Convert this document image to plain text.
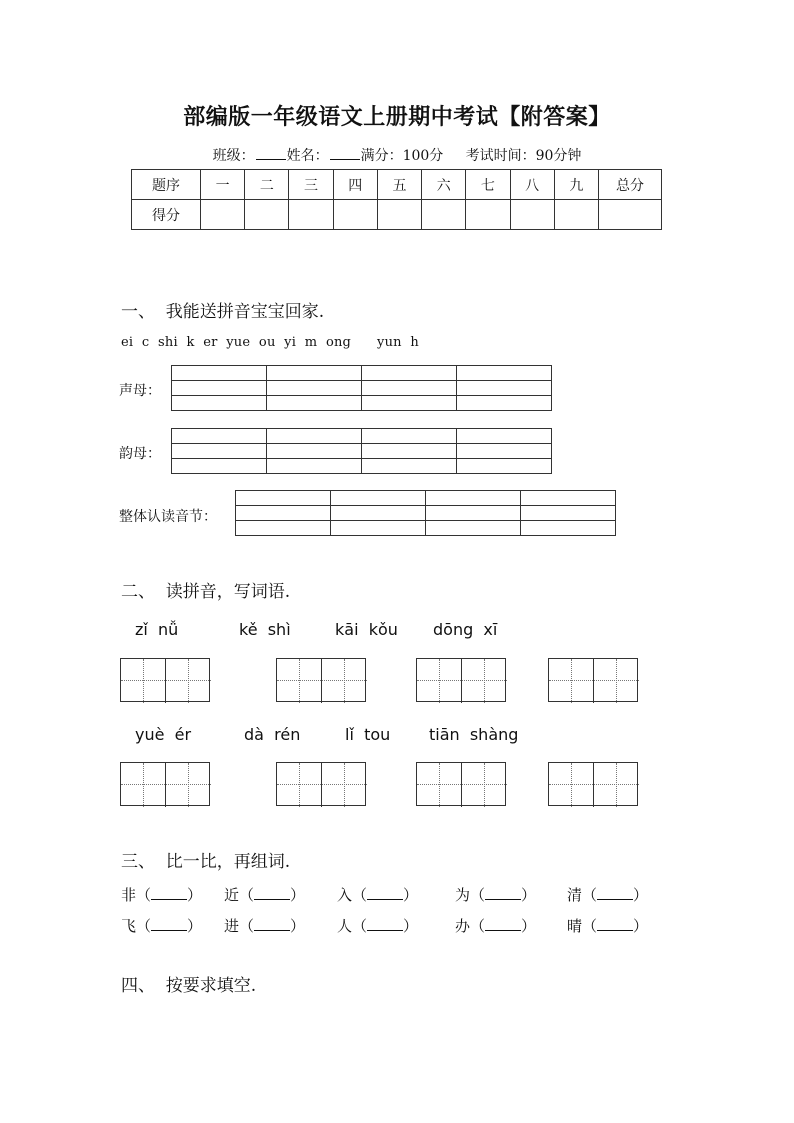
部编版一年级语文上册期中考试【附答案】
班级： 姓名： 满分：100分 考试时间：90分钟
题序	一	二	三	四	五	六	七	八	九	总分
得分										
一、  我能送拼音宝宝回家.
ei  c  shi  k  er  yue  ou  yi  m  ong      yun  h
声母：

韵母：

整体认读音节：

二、  读拼音，写词语.
zǐ  nǚ	kě  shì	kāi  kǒu dōng  xī
yuè  ér	dà  rén	lǐ  tou tiān  shàng
三、  比一比，再组词.
非（ ） 近（ ） 入（ ） 为（ ） 清（ ）
飞（ ） 进（ ） 人（ ） 办（ ） 晴（ ）
四、  按要求填空.
